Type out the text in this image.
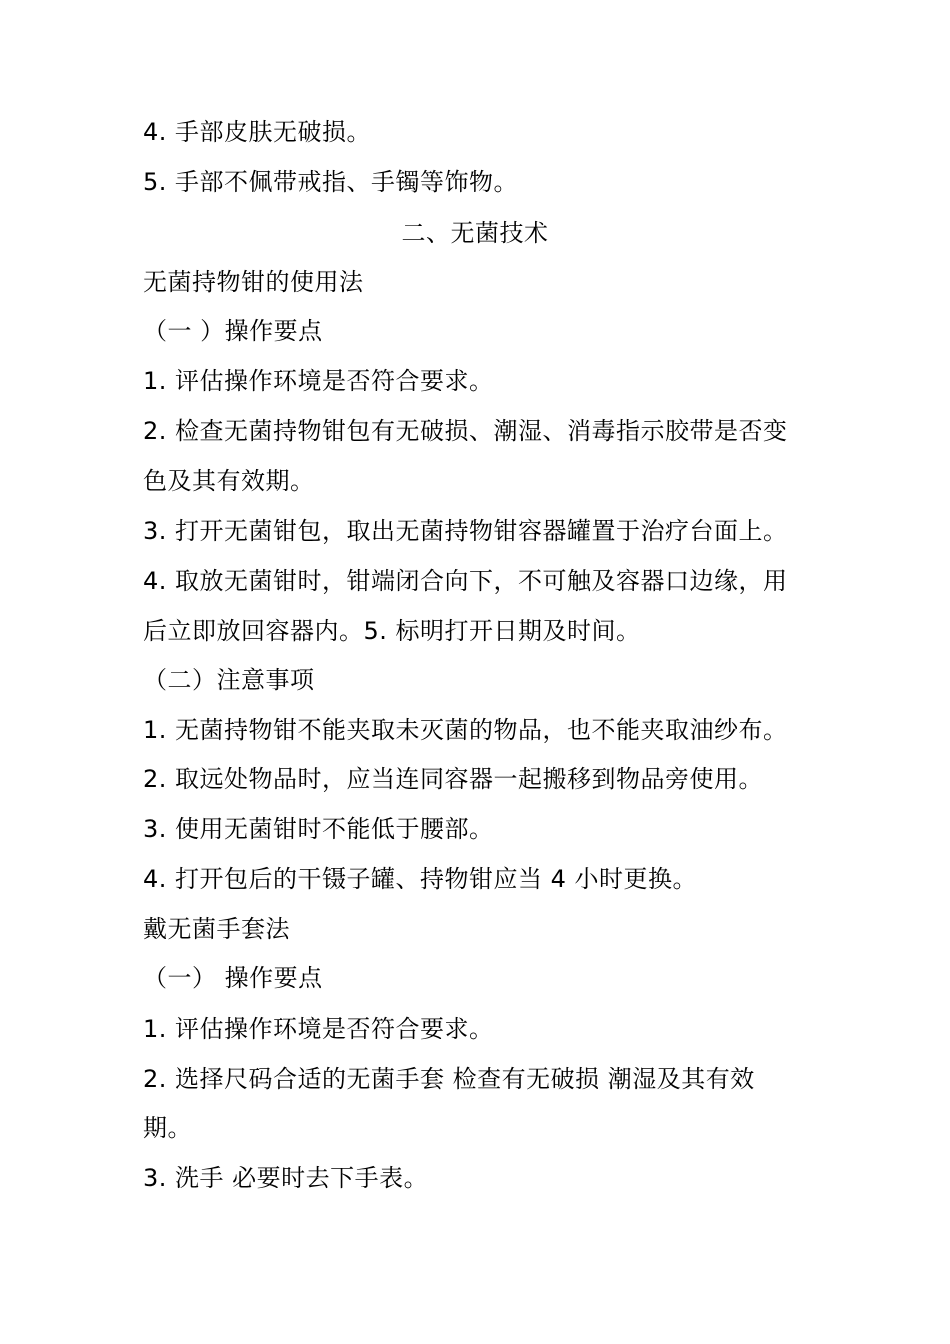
4. 手部皮肤无破损。
5. 手部不佩带戒指、手镯等饰物。
二、无菌技术
无菌持物钳的使用法
（一 ）操作要点
1. 评估操作环境是否符合要求。
2. 检查无菌持物钳包有无破损、潮湿、消毒指示胶带是否变
色及其有效期。
3. 打开无菌钳包，取出无菌持物钳容器罐置于治疗台面上。
4. 取放无菌钳时，钳端闭合向下，不可触及容器口边缘，用
后立即放回容器内。5. 标明打开日期及时间。
（二）注意事项
1. 无菌持物钳不能夹取未灭菌的物品，也不能夹取油纱布。
2. 取远处物品时，应当连同容器一起搬移到物品旁使用。
3. 使用无菌钳时不能低于腰部。
4. 打开包后的干镊子罐、持物钳应当 4 小时更换。
戴无菌手套法
（一） 操作要点
1. 评估操作环境是否符合要求。
2. 选择尺码合适的无菌手套 检查有无破损 潮湿及其有效
期。
3. 洗手 必要时去下手表。
